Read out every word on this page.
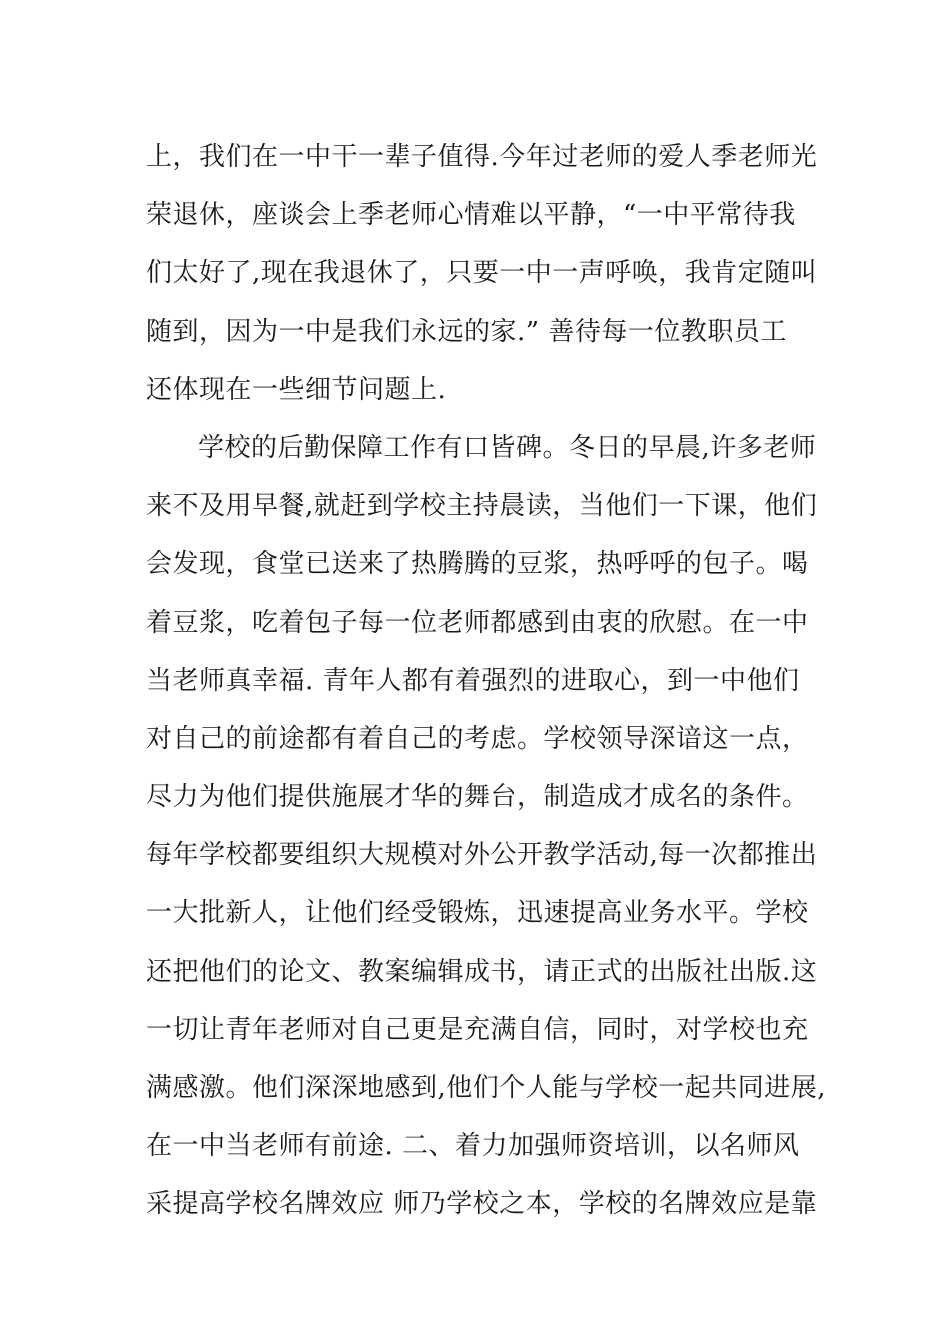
上，我们在一中干一辈子值得.今年过老师的爱人季老师光
荣退休，座谈会上季老师心情难以平静，“一中平常待我
们太好了,现在我退休了，只要一中一声呼唤，我肯定随叫
随到，因为一中是我们永远的家.” 善待每一位教职员工
还体现在一些细节问题上.
学校的后勤保障工作有口皆碑。冬日的早晨,许多老师
来不及用早餐,就赶到学校主持晨读，当他们一下课，他们
会发现，食堂已送来了热腾腾的豆浆，热呼呼的包子。喝
着豆浆，吃着包子每一位老师都感到由衷的欣慰。在一中
当老师真幸福. 青年人都有着强烈的进取心，到一中他们
对自己的前途都有着自己的考虑。学校领导深谙这一点，
尽力为他们提供施展才华的舞台，制造成才成名的条件。
每年学校都要组织大规模对外公开教学活动,每一次都推出
一大批新人，让他们经受锻炼，迅速提高业务水平。学校
还把他们的论文、教案编辑成书，请正式的出版社出版.这
一切让青年老师对自己更是充满自信，同时，对学校也充
满感激。他们深深地感到,他们个人能与学校一起共同进展,
在一中当老师有前途. 二、着力加强师资培训，以名师风
采提高学校名牌效应 师乃学校之本，学校的名牌效应是靠
